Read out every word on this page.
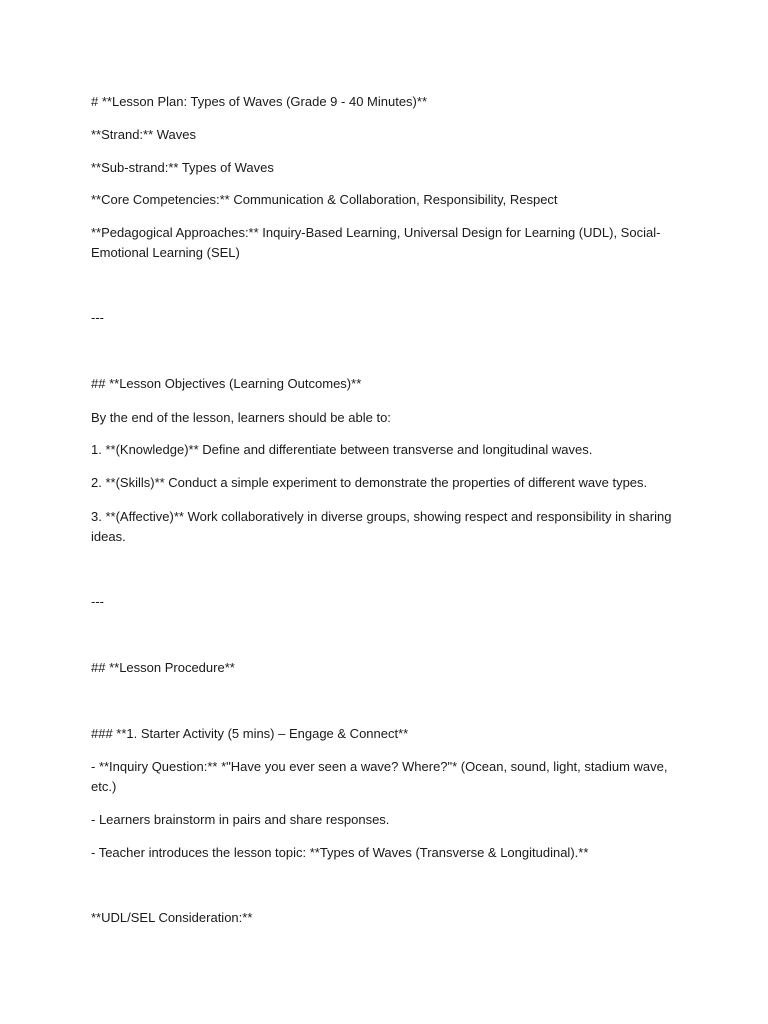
# **Lesson Plan: Types of Waves (Grade 9 - 40 Minutes)**
**Strand:** Waves
**Sub-strand:** Types of Waves
**Core Competencies:** Communication & Collaboration, Responsibility, Respect
**Pedagogical Approaches:** Inquiry-Based Learning, Universal Design for Learning (UDL), Social-Emotional Learning (SEL)
---
## **Lesson Objectives (Learning Outcomes)**
By the end of the lesson, learners should be able to:
1. **(Knowledge)** Define and differentiate between transverse and longitudinal waves.
2. **(Skills)** Conduct a simple experiment to demonstrate the properties of different wave types.
3. **(Affective)** Work collaboratively in diverse groups, showing respect and responsibility in sharing ideas.
---
## **Lesson Procedure**
### **1. Starter Activity (5 mins) – Engage & Connect**
- **Inquiry Question:** *"Have you ever seen a wave? Where?"* (Ocean, sound, light, stadium wave, etc.)
- Learners brainstorm in pairs and share responses.
- Teacher introduces the lesson topic: **Types of Waves (Transverse & Longitudinal).**
**UDL/SEL Consideration:**
